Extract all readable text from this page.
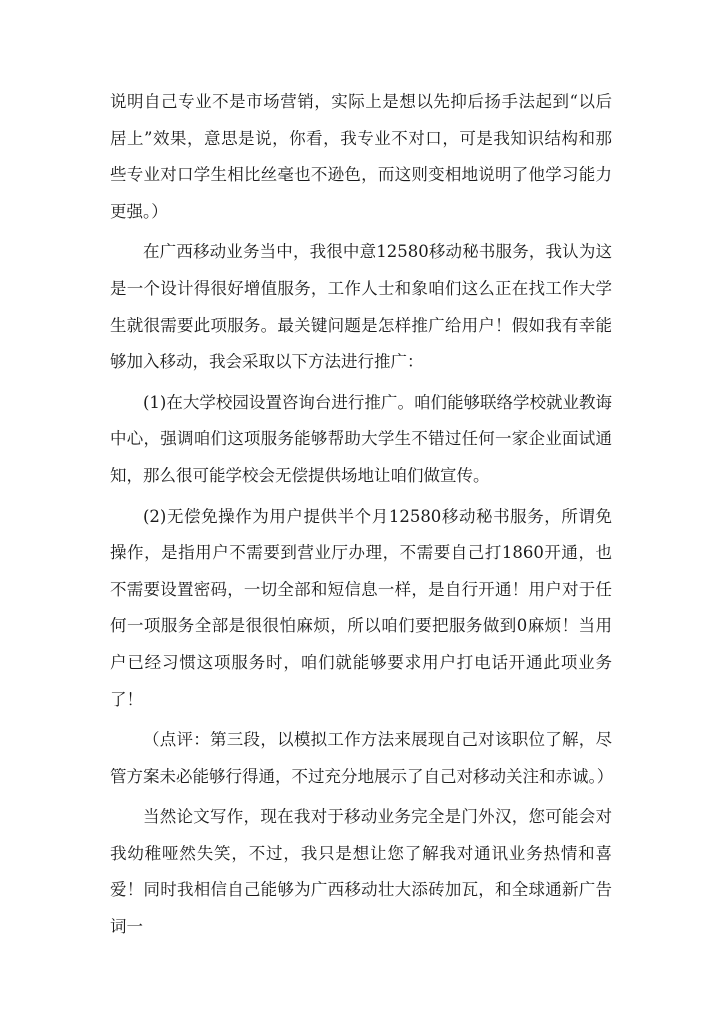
说明自己专业不是市场营销，实际上是想以先抑后扬手法起到“以后居上”效果，意思是说，你看，我专业不对口，可是我知识结构和那些专业对口学生相比丝毫也不逊色，而这则变相地说明了他学习能力更强。）

在广西移动业务当中，我很中意12580移动秘书服务，我认为这是一个设计得很好增值服务，工作人士和象咱们这么正在找工作大学生就很需要此项服务。最关键问题是怎样推广给用户！假如我有幸能够加入移动，我会采取以下方法进行推广：

(1)在大学校园设置咨询台进行推广。咱们能够联络学校就业教诲中心，强调咱们这项服务能够帮助大学生不错过任何一家企业面试通知，那么很可能学校会无偿提供场地让咱们做宣传。

(2)无偿免操作为用户提供半个月12580移动秘书服务，所谓免操作，是指用户不需要到营业厅办理，不需要自己打1860开通，也不需要设置密码，一切全部和短信息一样，是自行开通！用户对于任何一项服务全部是很很怕麻烦，所以咱们要把服务做到0麻烦！当用户已经习惯这项服务时，咱们就能够要求用户打电话开通此项业务了！

（点评：第三段，以模拟工作方法来展现自己对该职位了解，尽管方案未必能够行得通，不过充分地展示了自己对移动关注和赤诚。）

当然论文写作，现在我对于移动业务完全是门外汉，您可能会对我幼稚哑然失笑，不过，我只是想让您了解我对通讯业务热情和喜爱！同时我相信自己能够为广西移动壮大添砖加瓦，和全球通新广告词一
